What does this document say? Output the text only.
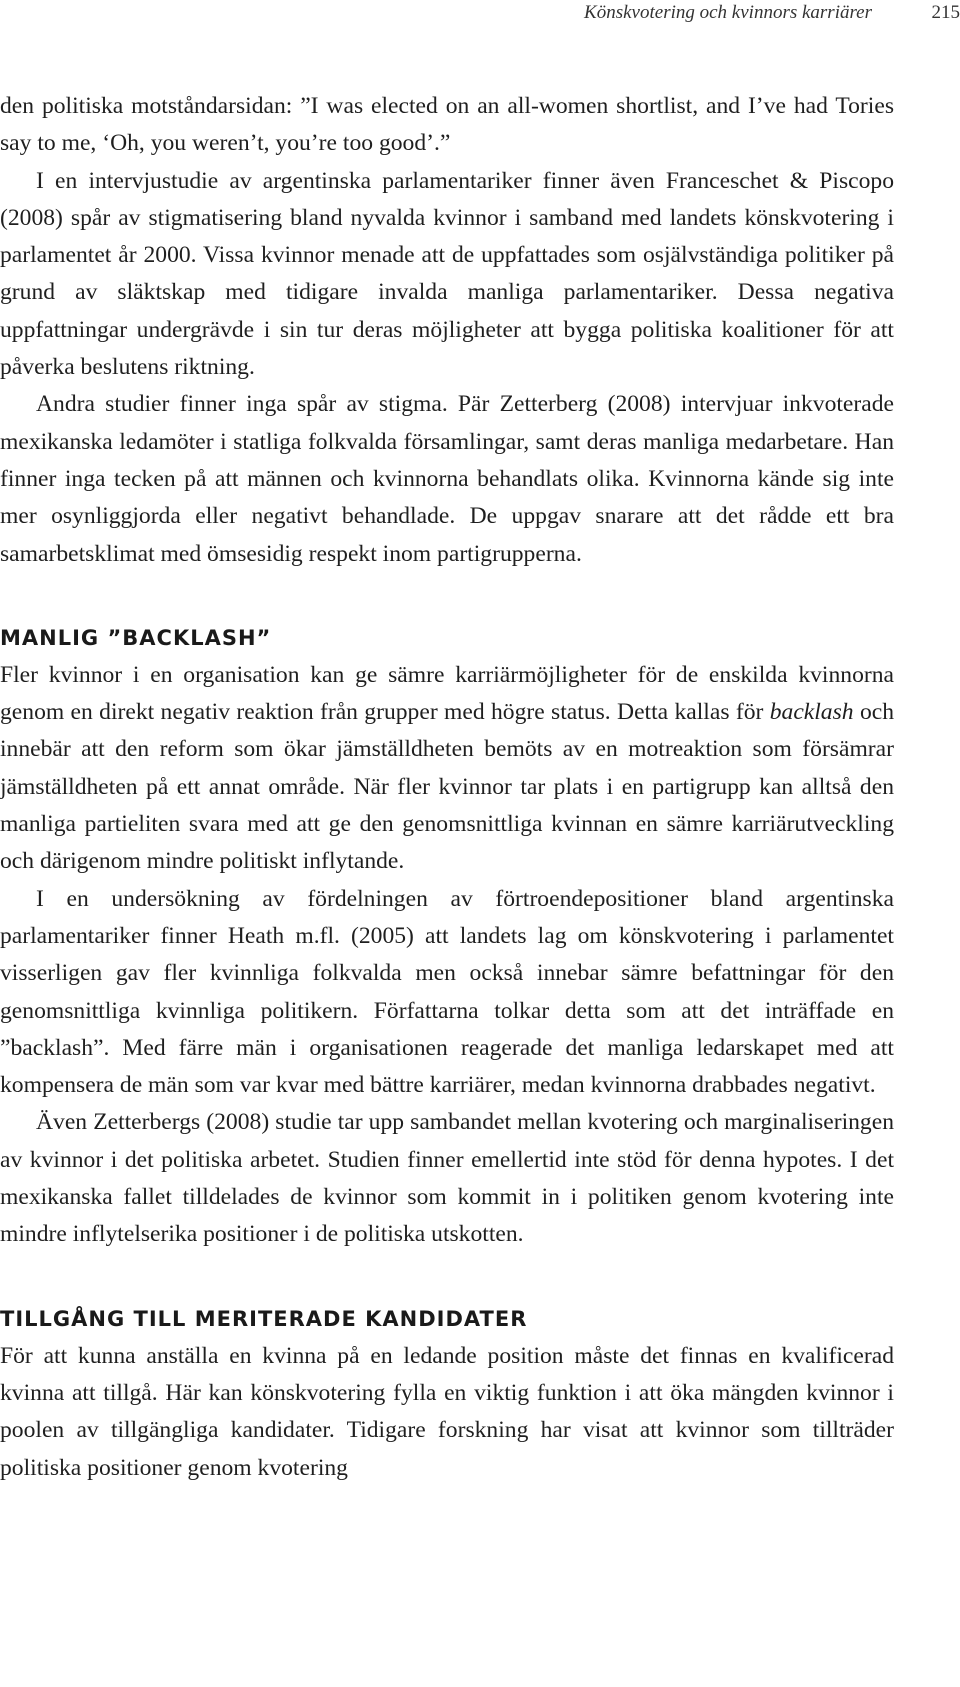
Könskvotering och kvinnors karriärer	215

den politiska motståndarsidan: ”I was elected on an all-women shortlist, and I’ve had Tories say to me, ‘Oh, you weren’t, you’re too good’.”

I en intervjustudie av argentinska parlamentariker finner även Franceschet & Piscopo (2008) spår av stigmatisering bland nyvalda kvinnor i samband med landets könskvotering i parlamentet år 2000. Vissa kvinnor menade att de uppfattades som osjälvständiga politiker på grund av släktskap med tidigare invalda manliga parlamentariker. Dessa negativa uppfattningar undergrävde i sin tur deras möjligheter att bygga politiska koalitioner för att påverka beslutens riktning.

Andra studier finner inga spår av stigma. Pär Zetterberg (2008) intervjuar inkvoterade mexikanska ledamöter i statliga folkvalda församlingar, samt deras manliga medarbetare. Han finner inga tecken på att männen och kvinnorna behandlats olika. Kvinnorna kände sig inte mer osynliggjorda eller negativt behandlade. De uppgav snarare att det rådde ett bra samarbetsklimat med ömsesidig respekt inom partigrupperna.

MANLIG ”BACKLASH”

Fler kvinnor i en organisation kan ge sämre karriärmöjligheter för de enskilda kvinnorna genom en direkt negativ reaktion från grupper med högre status. Detta kallas för backlash och innebär att den reform som ökar jämställdheten bemöts av en motreaktion som försämrar jämställdheten på ett annat område. När fler kvinnor tar plats i en partigrupp kan alltså den manliga partieliten svara med att ge den genomsnittliga kvinnan en sämre karriärutveckling och därigenom mindre politiskt inflytande.

I en undersökning av fördelningen av förtroendepositioner bland argentinska parlamentariker finner Heath m.fl. (2005) att landets lag om könskvotering i parlamentet visserligen gav fler kvinnliga folkvalda men också innebar sämre befattningar för den genomsnittliga kvinnliga politikern. Författarna tolkar detta som att det inträffade en ”backlash”. Med färre män i organisationen reagerade det manliga ledarskapet med att kompensera de män som var kvar med bättre karriärer, medan kvinnorna drabbades negativt.

Även Zetterbergs (2008) studie tar upp sambandet mellan kvotering och marginaliseringen av kvinnor i det politiska arbetet. Studien finner emellertid inte stöd för denna hypotes. I det mexikanska fallet tilldelades de kvinnor som kommit in i politiken genom kvotering inte mindre inflytelserika positioner i de politiska utskotten.

TILLGÅNG TILL MERITERADE KANDIDATER

För att kunna anställa en kvinna på en ledande position måste det finnas en kvalificerad kvinna att tillgå. Här kan könskvotering fylla en viktig funktion i att öka mängden kvinnor i poolen av tillgängliga kandidater. Tidigare forskning har visat att kvinnor som tillträder politiska positioner genom kvotering
